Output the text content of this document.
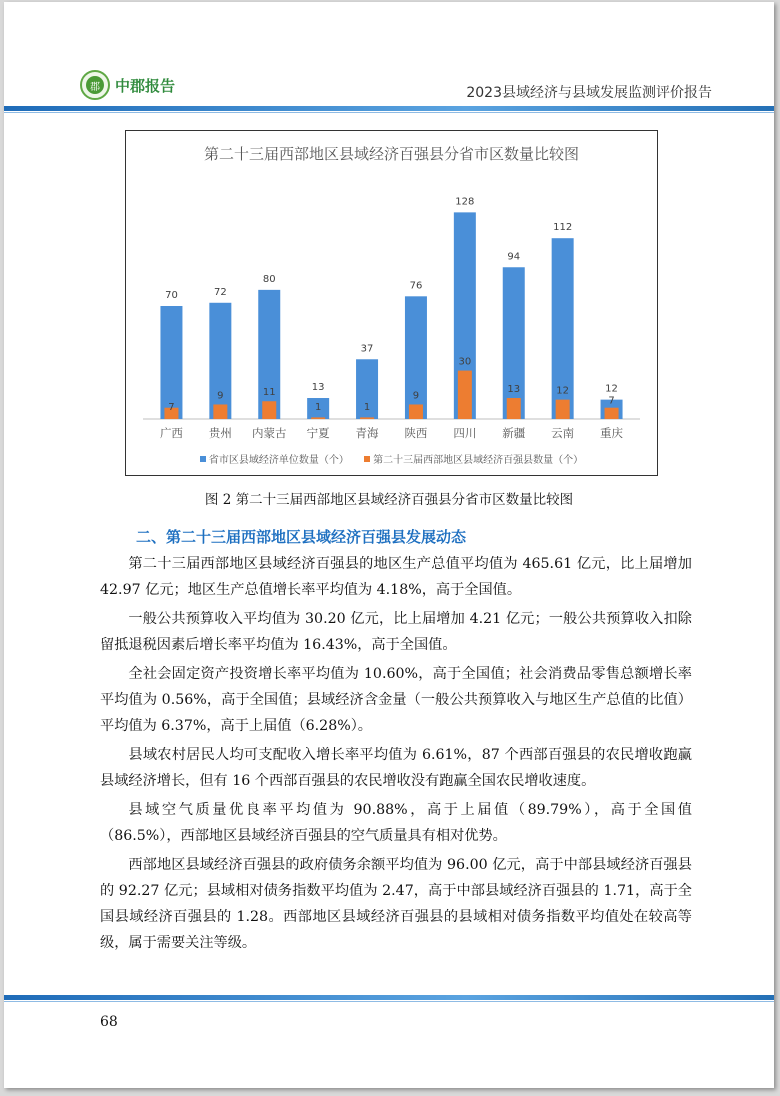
郡 中郡报告	2023县域经济与县域发展监测评价报告
第二十三届西部地区县域经济百强县分省市区数量比较图
70
7
广西
72
9
贵州
80
11
内蒙古
13
1
宁夏
37
1
青海
76
9
陕西
128
30
四川
94
13
新疆
112
12
云南
12
7
重庆
省市区县域经济单位数量（个）
第二十三届西部地区县域经济百强县数量（个）
图 2 第二十三届西部地区县域经济百强县分省市区数量比较图
二、第二十三届西部地区县域经济百强县发展动态

第二十三届西部地区县域经济百强县的地区生产总值平均值为 465.61 亿元，比上届增加 42.97 亿元；地区生产总值增长率平均值为 4.18%，高于全国值。

一般公共预算收入平均值为 30.20 亿元，比上届增加 4.21 亿元；一般公共预算收入扣除留抵退税因素后增长率平均值为 16.43%，高于全国值。

全社会固定资产投资增长率平均值为 10.60%，高于全国值；社会消费品零售总额增长率平均值为 0.56%，高于全国值；县域经济含金量（一般公共预算收入与地区生产总值的比值）平均值为 6.37%，高于上届值（6.28%）。

县域农村居民人均可支配收入增长率平均值为 6.61%，87 个西部百强县的农民增收跑赢县域经济增长，但有 16 个西部百强县的农民增收没有跑赢全国农民增收速度。

县域空气质量优良率平均值为 90.88%，高于上届值（89.79%），高于全国值（86.5%），西部地区县域经济百强县的空气质量具有相对优势。

西部地区县域经济百强县的政府债务余额平均值为 96.00 亿元，高于中部县域经济百强县的 92.27 亿元；县域相对债务指数平均值为 2.47，高于中部县域经济百强县的 1.71，高于全国县域经济百强县的 1.28。西部地区县域经济百强县的县域相对债务指数平均值处在较高等级，属于需要关注等级。

68
